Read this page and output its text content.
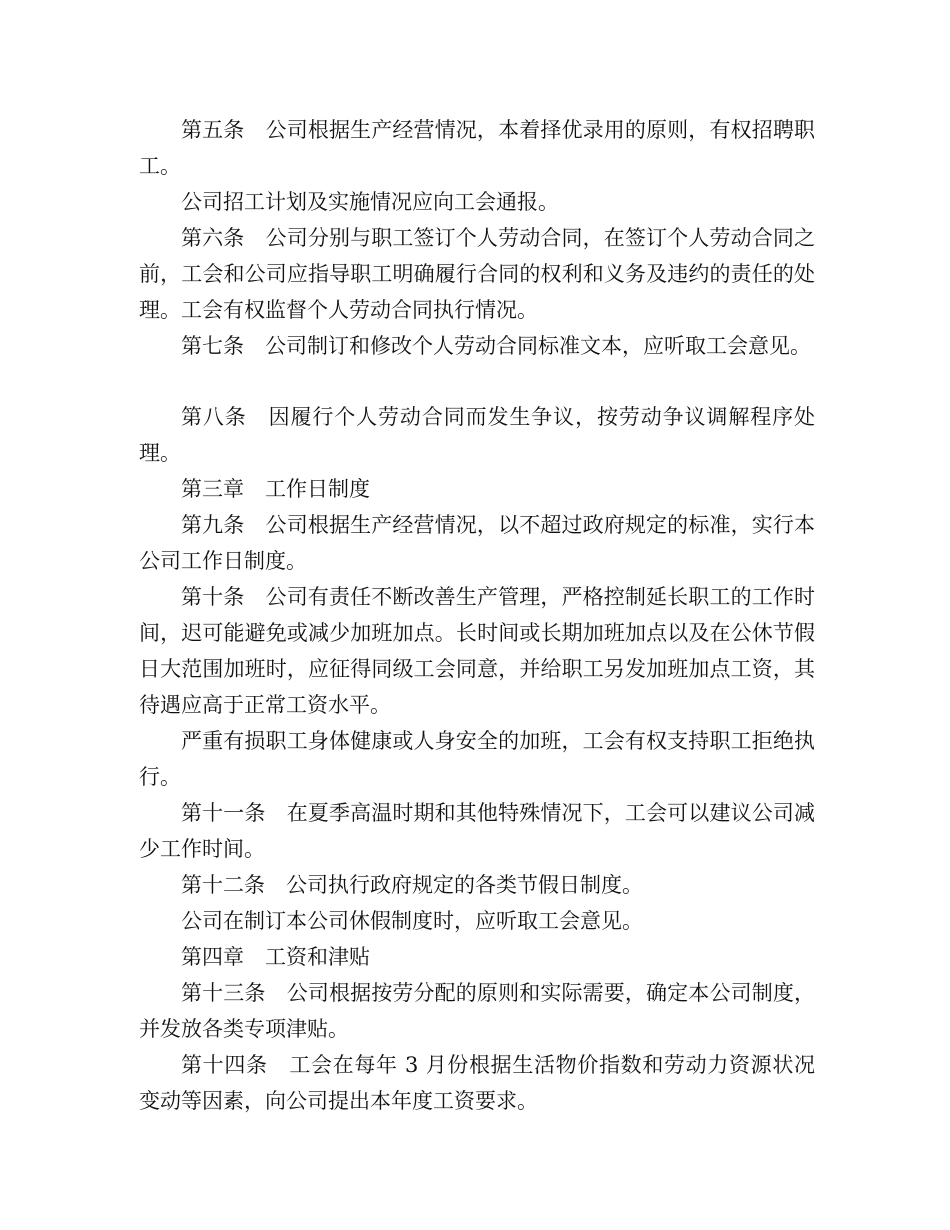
第五条　公司根据生产经营情况，本着择优录用的原则，有权招聘职工。

公司招工计划及实施情况应向工会通报。

第六条　公司分别与职工签订个人劳动合同，在签订个人劳动合同之前，工会和公司应指导职工明确履行合同的权利和义务及违约的责任的处理。工会有权监督个人劳动合同执行情况。

第七条　公司制订和修改个人劳动合同标准文本，应听取工会意见。

第八条　因履行个人劳动合同而发生争议，按劳动争议调解程序处理。

第三章　工作日制度

第九条　公司根据生产经营情况，以不超过政府规定的标准，实行本公司工作日制度。

第十条　公司有责任不断改善生产管理，严格控制延长职工的工作时间，迟可能避免或减少加班加点。长时间或长期加班加点以及在公休节假日大范围加班时，应征得同级工会同意，并给职工另发加班加点工资，其待遇应高于正常工资水平。

严重有损职工身体健康或人身安全的加班，工会有权支持职工拒绝执行。

第十一条　在夏季高温时期和其他特殊情况下，工会可以建议公司减少工作时间。

第十二条　公司执行政府规定的各类节假日制度。

公司在制订本公司休假制度时，应听取工会意见。

第四章　工资和津贴

第十三条　公司根据按劳分配的原则和实际需要，确定本公司制度，并发放各类专项津贴。

第十四条　工会在每年 3 月份根据生活物价指数和劳动力资源状况变动等因素，向公司提出本年度工资要求。
